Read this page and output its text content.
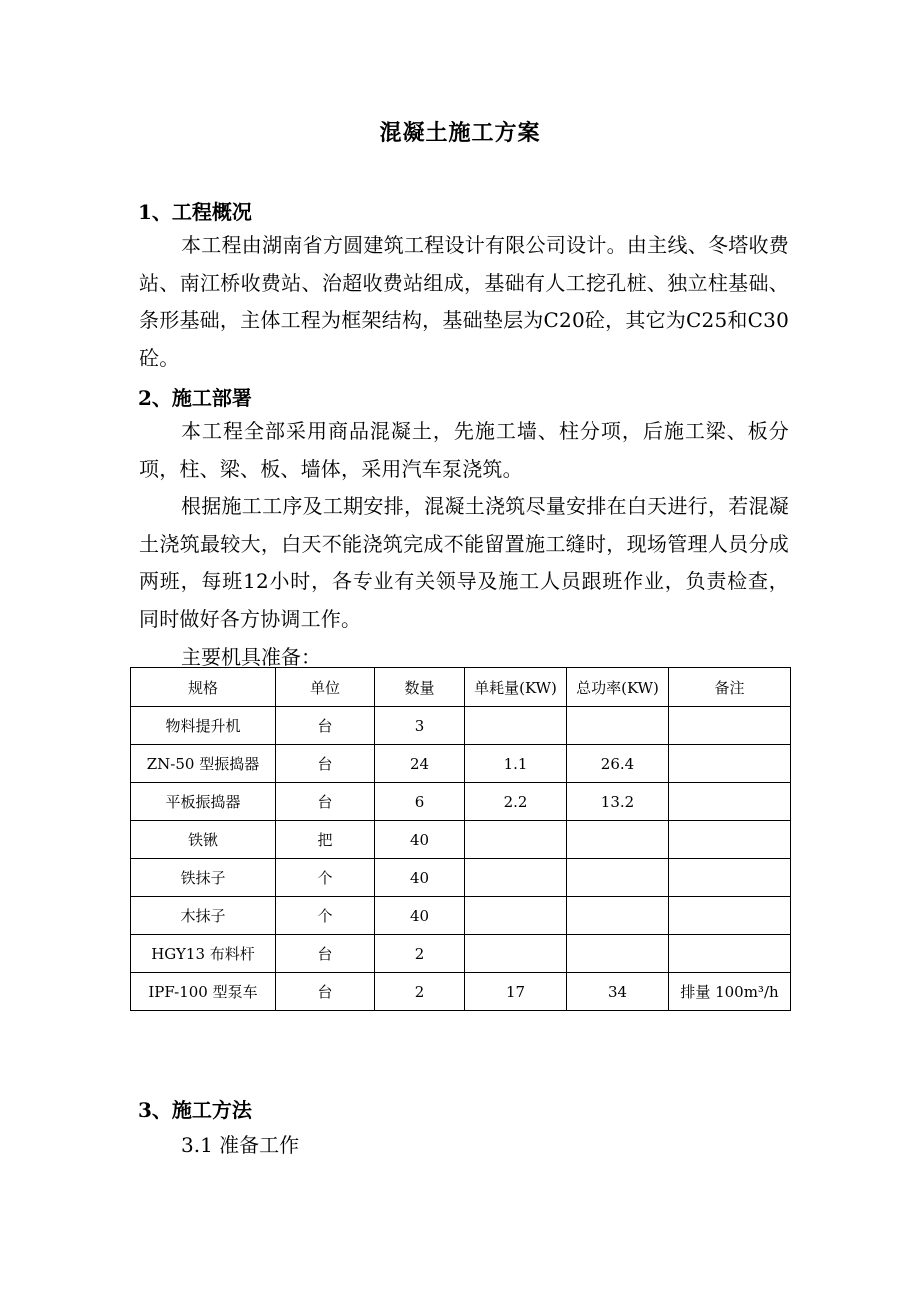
混凝土施工方案
1、工程概况
本工程由湖南省方圆建筑工程设计有限公司设计。由主线、冬塔收费站、南江桥收费站、治超收费站组成，基础有人工挖孔桩、独立柱基础、条形基础，主体工程为框架结构，基础垫层为C20砼，其它为C25和C30砼。
2、施工部署
本工程全部采用商品混凝土，先施工墙、柱分项，后施工梁、板分项，柱、梁、板、墙体，采用汽车泵浇筑。
根据施工工序及工期安排，混凝土浇筑尽量安排在白天进行，若混凝土浇筑最较大，白天不能浇筑完成不能留置施工缝时，现场管理人员分成两班，每班12小时，各专业有关领导及施工人员跟班作业，负责检查，同时做好各方协调工作。
主要机具准备：
规格	单位	数量	单耗量(KW)	总功率(KW)	备注
物料提升机	台	3			
ZN-50 型振捣器	台	24	1.1	26.4	
平板振捣器	台	6	2.2	13.2	
铁锹	把	40			
铁抹子	个	40			
木抹子	个	40			
HGY13 布料杆	台	2			
IPF-100 型泵车	台	2	17	34	排量 100m³/h
3、施工方法
3.1 准备工作
